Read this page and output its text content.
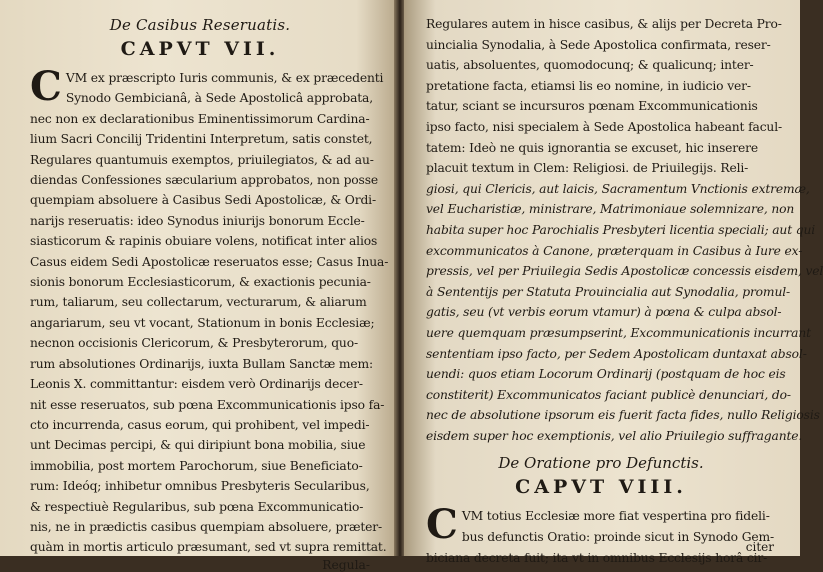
De Casibus Reseruatis.
CAPVT VII.
C VM ex præscripto Iuris communis, & ex præcedenti
Synodo Gembicianâ, à Sede Apostolicâ approbata,
nec non ex declarationibus Eminentissimorum Cardina-
lium Sacri Concilij Tridentini Interpretum, satis constet,
Regulares quantumuis exemptos, priuilegiatos, & ad au-
diendas Confessiones sæcularium approbatos, non posse
quempiam absoluere à Casibus Sedi Apostolicæ, & Ordi-
narijs reseruatis: ideo Synodus iniurijs bonorum Eccle-
siasticorum & rapinis obuiare volens, notificat inter alios
Casus eidem Sedi Apostolicæ reseruatos esse; Casus Inua-
sionis bonorum Ecclesiasticorum, & exactionis pecunia-
rum, taliarum, seu collectarum, vecturarum, & aliarum
angariarum, seu vt vocant, Stationum in bonis Ecclesiæ;
necnon occisionis Clericorum, & Presbyterorum, quo-
rum absolutiones Ordinarijs, iuxta Bullam Sanctæ mem:
Leonis X. committantur: eisdem verò Ordinarijs decer-
nit esse reseruatos, sub pœna Excommunicationis ipso fa-
cto incurrenda, casus eorum, qui prohibent, vel impedi-
unt Decimas percipi, & qui diripiunt bona mobilia, siue
immobilia, post mortem Parochorum, siue Beneficiato-
rum: Ideóq; inhibetur omnibus Presbyteris Secularibus,
& respectiuè Regularibus, sub pœna Excommunicatio-
nis, ne in prædictis casibus quempiam absoluere, præter-
quàm in mortis articulo præsumant, sed vt supra remittat.
Regula-
Regulares autem in hisce casibus, & alijs per Decreta Pro-
uincialia Synodalia, à Sede Apostolica confirmata, reser-
uatis, absoluentes, quomodocunq; & qualicunq; inter-
pretatione facta, etiamsi lis eo nomine, in iudicio ver-
tatur, sciant se incursuros pœnam Excommunicationis
ipso facto, nisi specialem à Sede Apostolica habeant facul-
tatem: Ideò ne quis ignorantia se excuset, hic inserere
placuit textum in Clem: Religiosi. de Priuilegijs. Reli-
giosi, qui Clericis, aut laicis, Sacramentum Vnctionis extremæ,
vel Eucharistiæ, ministrare, Matrimoniaue solemnizare, non
habita super hoc Parochialis Presbyteri licentia speciali; aut qui
excommunicatos à Canone, præterquam in Casibus à Iure ex-
pressis, vel per Priuilegia Sedis Apostolicæ concessis eisdem, vel
à Sententijs per Statuta Prouincialia aut Synodalia, promul-
gatis, seu (vt verbis eorum vtamur) à pœna & culpa absol-
uere quemquam præsumpserint, Excommunicationis incurrant
sententiam ipso facto, per Sedem Apostolicam duntaxat absol-
uendi: quos etiam Locorum Ordinarij (postquam de hoc eis
constiterit) Excommunicatos faciant publicè denunciari, do-
nec de absolutione ipsorum eis fuerit facta fides, nullo Religiosis
eisdem super hoc exemptionis, vel alio Priuilegio suffragante.
De Oratione pro Defunctis.
CAPVT VIII.
C VM totius Ecclesiæ more fiat vespertina pro fideli-
bus defunctis Oratio: proinde sicut in Synodo Gem-
biciana decreta fuit; ita vt in omnibus Ecclesijs horâ cir-
citer
